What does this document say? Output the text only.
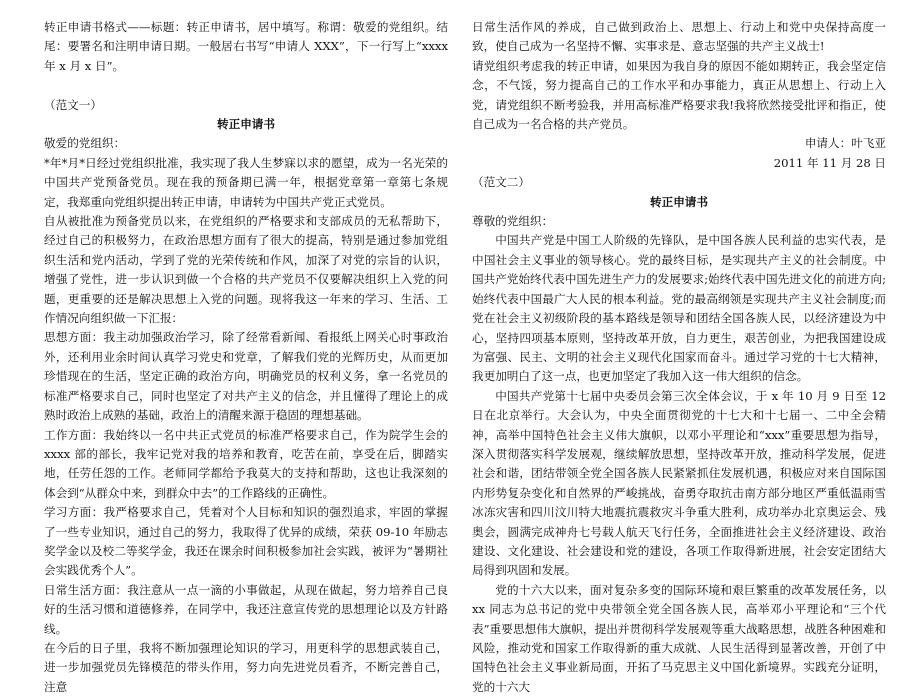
转正申请书格式——标题：转正申请书，居中填写。称谓：敬爱的党组织。结尾：要署名和注明申请日期。一般居右书写“申请人 XXX”，下一行写上“xxxx 年 x 月 x 日”。

（范文一）

转正申请书

敬爱的党组织：

*年*月*日经过党组织批准，我实现了我人生梦寐以求的愿望，成为一名光荣的中国共产党预备党员。现在我的预备期已满一年，根据党章第一章第七条规定，我郑重向党组织提出转正申请，申请转为中国共产党正式党员。

自从被批准为预备党员以来，在党组织的严格要求和支部成员的无私帮助下，经过自己的积极努力，在政治思想方面有了很大的提高，特别是通过参加党组织生活和党内活动，学到了党的光荣传统和作风，加深了对党的宗旨的认识，增强了党性，进一步认识到做一个合格的共产党员不仅要解决组织上入党的问题，更重要的还是解决思想上入党的问题。现将我这一年来的学习、生活、工作情况向组织做一下汇报：

思想方面：我主动加强政治学习，除了经常看新闻、看报纸上网关心时事政治外，还利用业余时间认真学习党史和党章，了解我们党的光辉历史，从而更加珍惜现在的生活，坚定正确的政治方向，明确党员的权利义务，拿一名党员的标准严格要求自己，同时也坚定了对共产主义的信念，并且懂得了理论上的成熟时政治上成熟的基础，政治上的清醒来源于稳固的理想基础。

工作方面：我始终以一名中共正式党员的标准严格要求自己，作为院学生会的 xxxx 部的部长，我牢记党对我的培养和教育，吃苦在前，享受在后，脚踏实地，任劳任怨的工作。老师同学都给予我莫大的支持和帮助，这也让我深刻的体会到“从群众中来，到群众中去”的工作路线的正确性。

学习方面：我严格要求自己，凭着对个人目标和知识的强烈追求，牢固的掌握了一些专业知识，通过自己的努力，我取得了优异的成绩，荣获 09-10 年励志奖学金以及校二等奖学金，我还在课余时间积极参加社会实践，被评为“暑期社会实践优秀个人”。

日常生活方面：我注意从一点一滴的小事做起，从现在做起，努力培养自己良好的生活习惯和道德修养，在同学中，我还注意宣传党的思想理论以及方针路线。

在今后的日子里，我将不断加强理论知识的学习，用更科学的思想武装自己，进一步加强党员先锋模范的带头作用，努力向先进党员看齐，不断完善自己，注意

日常生活作风的养成，自己做到政治上、思想上、行动上和党中央保持高度一致，使自己成为一名坚持不懈、实事求是、意志坚强的共产主义战士!

请党组织考虑我的转正申请，如果因为我自身的原因不能如期转正，我会坚定信念，不气馁，努力提高自己的工作水平和办事能力，真正从思想上、行动上入党，请党组织不断考验我，并用高标准严格要求我!我将欣然接受批评和指正，使自己成为一名合格的共产党员。

申请人：叶飞亚

2011 年 11 月 28 日

（范文二）

转正申请书

尊敬的党组织：

中国共产党是中国工人阶级的先锋队，是中国各族人民利益的忠实代表，是中国社会主义事业的领导核心。党的最终目标，是实现共产主义的社会制度。中国共产党始终代表中国先进生产力的发展要求;始终代表中国先进文化的前进方向;始终代表中国最广大人民的根本利益。党的最高纲领是实现共产主义社会制度;而党在社会主义初级阶段的基本路线是领导和团结全国各族人民，以经济建设为中心，坚持四项基本原则，坚持改革开放，自力更生，艰苦创业，为把我国建设成为富强、民主、文明的社会主义现代化国家而奋斗。通过学习党的十七大精神，我更加明白了这一点，也更加坚定了我加入这一伟大组织的信念。

中国共产党第十七届中央委员会第三次全体会议，于 x 年 10 月 9 日至 12 日在北京举行。大会认为，中央全面贯彻党的十七大和十七届一、二中全会精神，高举中国特色社会主义伟大旗帜，以邓小平理论和“xxx”重要思想为指导，深入贯彻落实科学发展观，继续解放思想，坚持改革开放，推动科学发展，促进社会和谐，团结带领全党全国各族人民紧紧抓住发展机遇，积极应对来自国际国内形势复杂变化和自然界的严峻挑战，奋勇夺取抗击南方部分地区严重低温雨雪冰冻灾害和四川汶川特大地震抗震救灾斗争重大胜利，成功举办北京奥运会、残奥会，圆满完成神舟七号载人航天飞行任务，全面推进社会主义经济建设、政治建设、文化建设、社会建设和党的建设，各项工作取得新进展，社会安定团结大局得到巩固和发展。

党的十六大以来，面对复杂多变的国际环境和艰巨繁重的改革发展任务，以 xx 同志为总书记的党中央带领全党全国各族人民，高举邓小平理论和“三个代表”重要思想伟大旗帜，提出并贯彻科学发展观等重大战略思想，战胜各种困难和风险，推动党和国家工作取得新的重大成就、人民生活得到显著改善，开创了中国特色社会主义事业新局面，开拓了马克思主义中国化新境界。实践充分证明，党的十六大
